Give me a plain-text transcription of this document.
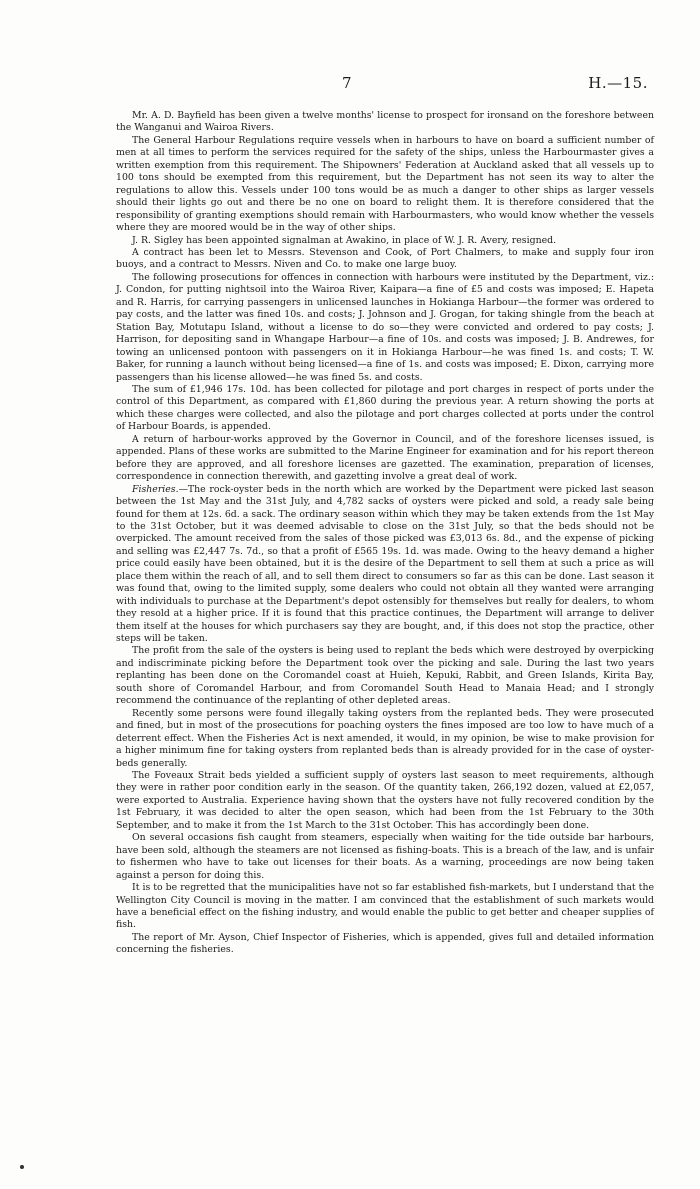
7	H.—15.

Mr. A. D. Bayfield has been given a twelve months' license to prospect for ironsand on the foreshore between the Wanganui and Wairoa Rivers.

The General Harbour Regulations require vessels when in harbours to have on board a sufficient number of men at all times to perform the services required for the safety of the ships, unless the Harbourmaster gives a written exemption from this requirement. The Shipowners' Federation at Auckland asked that all vessels up to 100 tons should be exempted from this requirement, but the Department has not seen its way to alter the regulations to allow this. Vessels under 100 tons would be as much a danger to other ships as larger vessels should their lights go out and there be no one on board to relight them. It is therefore considered that the responsibility of granting exemptions should remain with Harbourmasters, who would know whether the vessels where they are moored would be in the way of other ships.

J. R. Sigley has been appointed signalman at Awakino, in place of W. J. R. Avery, resigned.

A contract has been let to Messrs. Stevenson and Cook, of Port Chalmers, to make and supply four iron buoys, and a contract to Messrs. Niven and Co. to make one large buoy.

The following prosecutions for offences in connection with harbours were instituted by the Department, viz.: J. Condon, for putting nightsoil into the Wairoa River, Kaipara—a fine of £5 and costs was imposed; E. Hapeta and R. Harris, for carrying passengers in unlicensed launches in Hokianga Harbour—the former was ordered to pay costs, and the latter was fined 10s. and costs; J. Johnson and J. Grogan, for taking shingle from the beach at Station Bay, Motutapu Island, without a license to do so—they were convicted and ordered to pay costs; J. Harrison, for depositing sand in Whangape Harbour—a fine of 10s. and costs was imposed; J. B. Andrewes, for towing an unlicensed pontoon with passengers on it in Hokianga Harbour—he was fined 1s. and costs; T. W. Baker, for running a launch without being licensed—a fine of 1s. and costs was imposed; E. Dixon, carrying more passengers than his license allowed—he was fined 5s. and costs.

The sum of £1,946 17s. 10d. has been collected for pilotage and port charges in respect of ports under the control of this Department, as compared with £1,860 during the previous year. A return showing the ports at which these charges were collected, and also the pilotage and port charges collected at ports under the control of Harbour Boards, is appended.

A return of harbour-works approved by the Governor in Council, and of the foreshore licenses issued, is appended. Plans of these works are submitted to the Marine Engineer for examination and for his report thereon before they are approved, and all foreshore licenses are gazetted. The examination, preparation of licenses, correspondence in connection therewith, and gazetting involve a great deal of work.

Fisheries.—The rock-oyster beds in the north which are worked by the Department were picked last season between the 1st May and the 31st July, and 4,782 sacks of oysters were picked and sold, a ready sale being found for them at 12s. 6d. a sack. The ordinary season within which they may be taken extends from the 1st May to the 31st October, but it was deemed advisable to close on the 31st July, so that the beds should not be overpicked. The amount received from the sales of those picked was £3,013 6s. 8d., and the expense of picking and selling was £2,447 7s. 7d., so that a profit of £565 19s. 1d. was made. Owing to the heavy demand a higher price could easily have been obtained, but it is the desire of the Department to sell them at such a price as will place them within the reach of all, and to sell them direct to consumers so far as this can be done. Last season it was found that, owing to the limited supply, some dealers who could not obtain all they wanted were arranging with individuals to purchase at the Department's depot ostensibly for themselves but really for dealers, to whom they resold at a higher price. If it is found that this practice continues, the Department will arrange to deliver them itself at the houses for which purchasers say they are bought, and, if this does not stop the practice, other steps will be taken.

The profit from the sale of the oysters is being used to replant the beds which were destroyed by overpicking and indiscriminate picking before the Department took over the picking and sale. During the last two years replanting has been done on the Coromandel coast at Huieh, Kepuki, Rabbit, and Green Islands, Kirita Bay, south shore of Coromandel Harbour, and from Coromandel South Head to Manaia Head; and I strongly recommend the continuance of the replanting of other depleted areas.

Recently some persons were found illegally taking oysters from the replanted beds. They were prosecuted and fined, but in most of the prosecutions for poaching oysters the fines imposed are too low to have much of a deterrent effect. When the Fisheries Act is next amended, it would, in my opinion, be wise to make provision for a higher minimum fine for taking oysters from replanted beds than is already provided for in the case of oyster-beds generally.

The Foveaux Strait beds yielded a sufficient supply of oysters last season to meet requirements, although they were in rather poor condition early in the season. Of the quantity taken, 266,192 dozen, valued at £2,057, were exported to Australia. Experience having shown that the oysters have not fully recovered condition by the 1st February, it was decided to alter the open season, which had been from the 1st February to the 30th September, and to make it from the 1st March to the 31st October. This has accordingly been done.

On several occasions fish caught from steamers, especially when waiting for the tide outside bar harbours, have been sold, although the steamers are not licensed as fishing-boats. This is a breach of the law, and is unfair to fishermen who have to take out licenses for their boats. As a warning, proceedings are now being taken against a person for doing this.

It is to be regretted that the municipalities have not so far established fish-markets, but I understand that the Wellington City Council is moving in the matter. I am convinced that the establishment of such markets would have a beneficial effect on the fishing industry, and would enable the public to get better and cheaper supplies of fish.

The report of Mr. Ayson, Chief Inspector of Fisheries, which is appended, gives full and detailed information concerning the fisheries.
